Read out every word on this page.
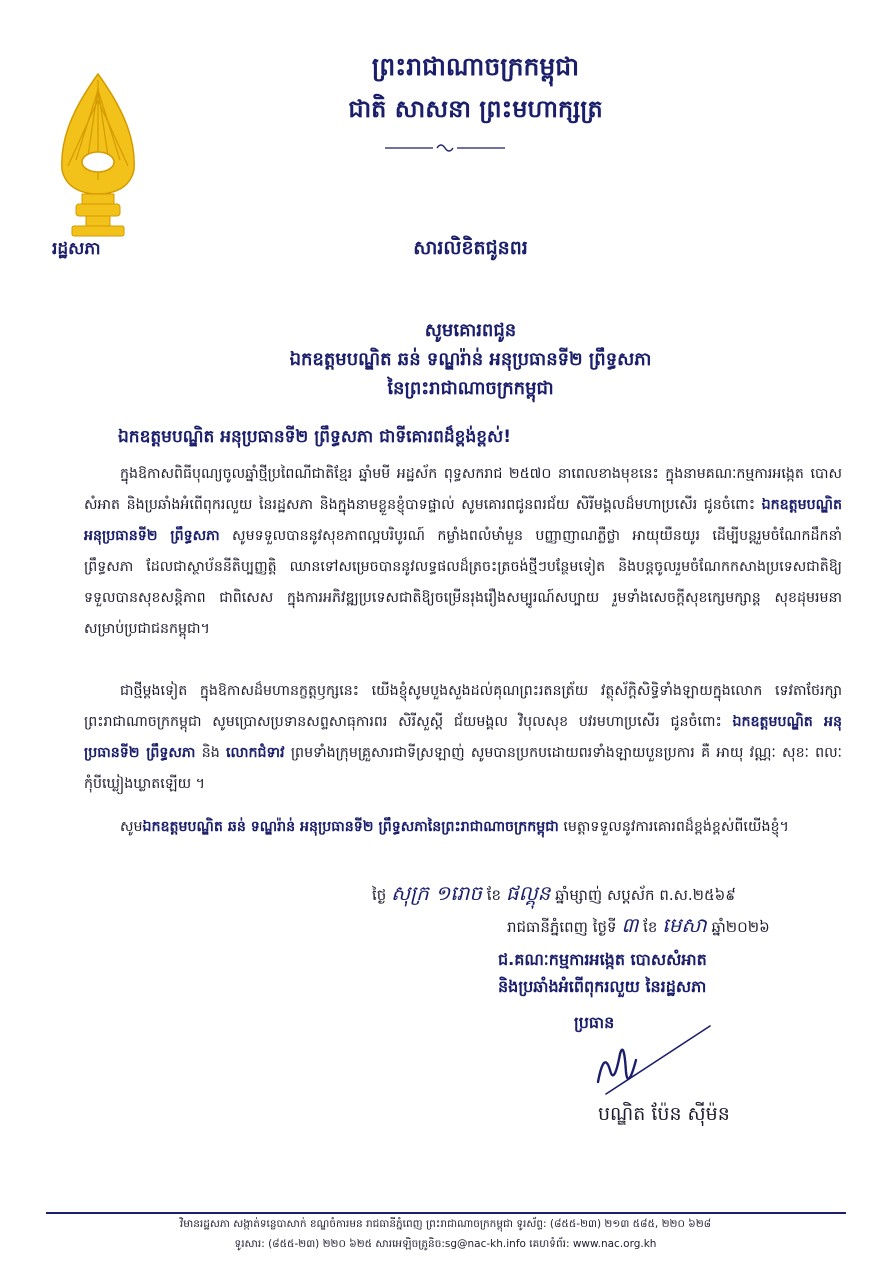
ព្រះរាជាណាចក្រកម្ពុជា
ជាតិ សាសនា ព្រះមហាក្សត្រ
រដ្ឋសភា	សារលិខិតជូនពរ
សូមគោរពជូន
ឯកឧត្តមបណ្ឌិត ឆន់ ទណ្ឌរ៉ាន់ អនុប្រធានទី២ ព្រឹទ្ធសភា
នៃព្រះរាជាណាចក្រកម្ពុជា
ឯកឧត្តមបណ្ឌិត អនុប្រធានទី២ ព្រឹទ្ធសភា ជាទីគោរពដ៏ខ្ពង់ខ្ពស់!
ក្នុងឱកាសពិធីបុណ្យចូលឆ្នាំថ្មីប្រពៃណីជាតិខ្មែរ ឆ្នាំមមី អដ្ឋស័ក ពុទ្ធសករាជ ២៥៧០ នាពេលខាងមុខនេះ ក្នុងនាមគណៈកម្មការអង្កេត បោសសំអាត និងប្រឆាំងអំពើពុករលួយ នៃរដ្ឋសភា និងក្នុងនាមខ្លួនខ្ញុំបាទផ្ទាល់ សូមគោរពជូនពរជ័យ សិរីមង្គលដ៏មហាប្រសើរ ជូនចំពោះ ឯកឧត្តមបណ្ឌិត អនុប្រធានទី២ ព្រឹទ្ធសភា សូមទទួលបាននូវសុខភាពល្អបរិបូរណ៍ កម្លាំងពលំមាំមួន បញ្ញាញាណភ្លឺថ្លា អាយុយឺនយូរ ដើម្បីបន្តរួមចំណែកដឹកនាំព្រឹទ្ធសភា ដែលជាស្ថាប័ននីតិប្បញ្ញត្តិ ឈានទៅសម្រេចបាននូវលទ្ធផលដ៏ត្រចះត្រចង់ថ្មីៗបន្ថែមទៀត និងបន្តចូលរួមចំណែកកសាងប្រទេសជាតិឱ្យទទួលបានសុខសន្តិភាព ជាពិសេស ក្នុងការអភិវឌ្ឍប្រទេសជាតិឱ្យចម្រើនរុងរឿងសម្បូរណ៍សប្បាយ រួមទាំងសេចក្តីសុខក្សេមក្សាន្ត សុខដុមរមនាសម្រាប់ប្រជាជនកម្ពុជា។
ជាថ្មីម្តងទៀត ក្នុងឱកាសដ៏មហានក្ខត្តឫក្សនេះ យើងខ្ញុំសូមបួងសួងដល់គុណព្រះរតនត្រ័យ វត្ថុស័ក្តិសិទ្ធិទាំងឡាយក្នុងលោក ទេវតាថែរក្សាព្រះរាជាណាចក្រកម្ពុជា សូមប្រោសប្រទានសព្ទសាធុការពរ សិរីសួស្តី ជ័យមង្គល វិបុលសុខ បវរមហាប្រសើរ ជូនចំពោះ ឯកឧត្តមបណ្ឌិត អនុប្រធានទី២ ព្រឹទ្ធសភា និង លោកជំទាវ ព្រមទាំងក្រុមគ្រួសារជាទីស្រឡាញ់ សូមបានប្រកបដោយពរទាំងឡាយបួនប្រការ គឺ អាយុ វណ្ណៈ សុខៈ ពលៈ កុំបីឃ្លៀងឃ្លាតឡើយ ។
សូមឯកឧត្តមបណ្ឌិត ឆន់ ទណ្ឌរ៉ាន់ អនុប្រធានទី២ ព្រឹទ្ធសភានៃព្រះរាជាណាចក្រកម្ពុជា មេត្តាទទួលនូវការគោរពដ៏ខ្ពង់ខ្ពស់ពីយើងខ្ញុំ។
ថ្ងៃ សុក្រ ១រោច ខែ ផល្គុន ឆ្នាំម្សាញ់ សប្តស័ក ព.ស.២៥៦៩
រាជធានីភ្នំពេញ ថ្ងៃទី ៣ ខែ មេសា ឆ្នាំ២០២៦
ជ.គណៈកម្មការអង្កេត បោសសំអាត
និងប្រឆាំងអំពើពុករលួយ នៃរដ្ឋសភា
ប្រធាន
បណ្ឌិត ប៉ែន ស៊ីម៉ន
វិមានរដ្ឋសភា សង្កាត់ទន្លេបាសាក់ ខណ្ឌចំការមន រាជធានីភ្នំពេញ ព្រះរាជាណាចក្រកម្ពុជា ទូរស័ព្ទ: (៨៥៥-២៣) ២១៣ ៥៨៥, ២២០ ៦២៨
ទូរសារ: (៨៥៥-២៣) ២២០ ៦២៥ សារអេឡិចត្រូនិច:sg@nac-kh.info គេហទំព័រ: www.nac.org.kh
